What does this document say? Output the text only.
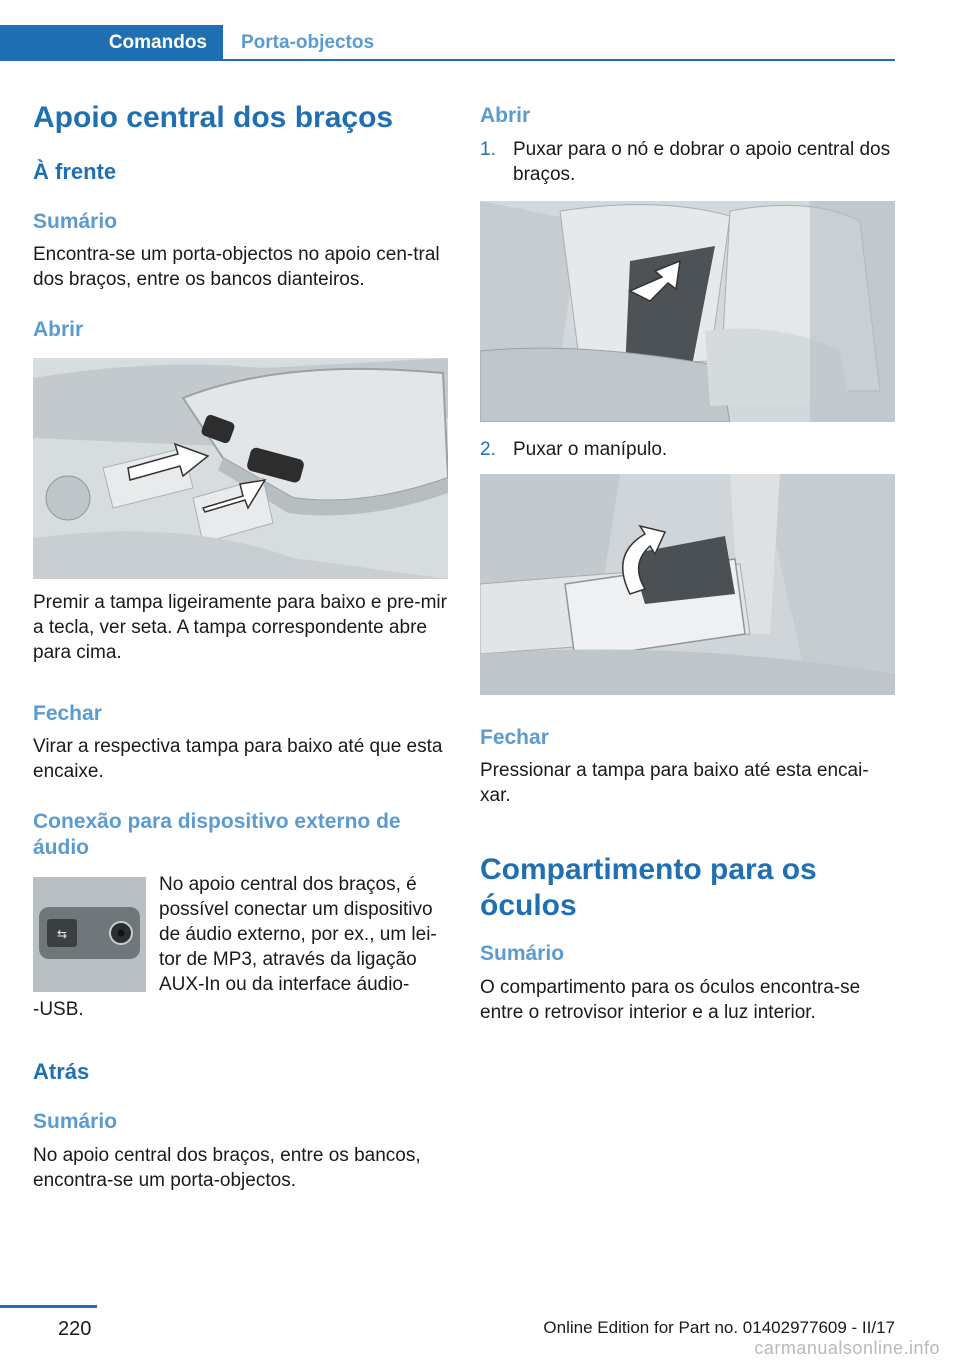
Comandos	Porta-objectos
Apoio central dos braços
À frente
Sumário

Encontra-se um porta-objectos no apoio cen-tral dos braços, entre os bancos dianteiros.

Abrir

Premir a tampa ligeiramente para baixo e pre-mir a tecla, ver seta. A tampa correspondente abre para cima.

Fechar

Virar a respectiva tampa para baixo até que esta encaixe.

Conexão para dispositivo externo de áudio
⇆

No apoio central dos braços, é possível conectar um dispositivo de áudio externo, por ex., um lei-tor de MP3, através da ligação AUX-In ou da interface áudio-

-USB.

Atrás
Sumário

No apoio central dos braços, entre os bancos, encontra-se um porta-objectos.

Abrir
1. Puxar para o nó e dobrar o apoio central dos braços.
2. Puxar o manípulo.
Fechar

Pressionar a tampa para baixo até esta encai-xar.

Compartimento para os óculos
Sumário

O compartimento para os óculos encontra-se entre o retrovisor interior e a luz interior.

220	Online Edition for Part no. 01402977609 - II/17
carmanualsonline.info
